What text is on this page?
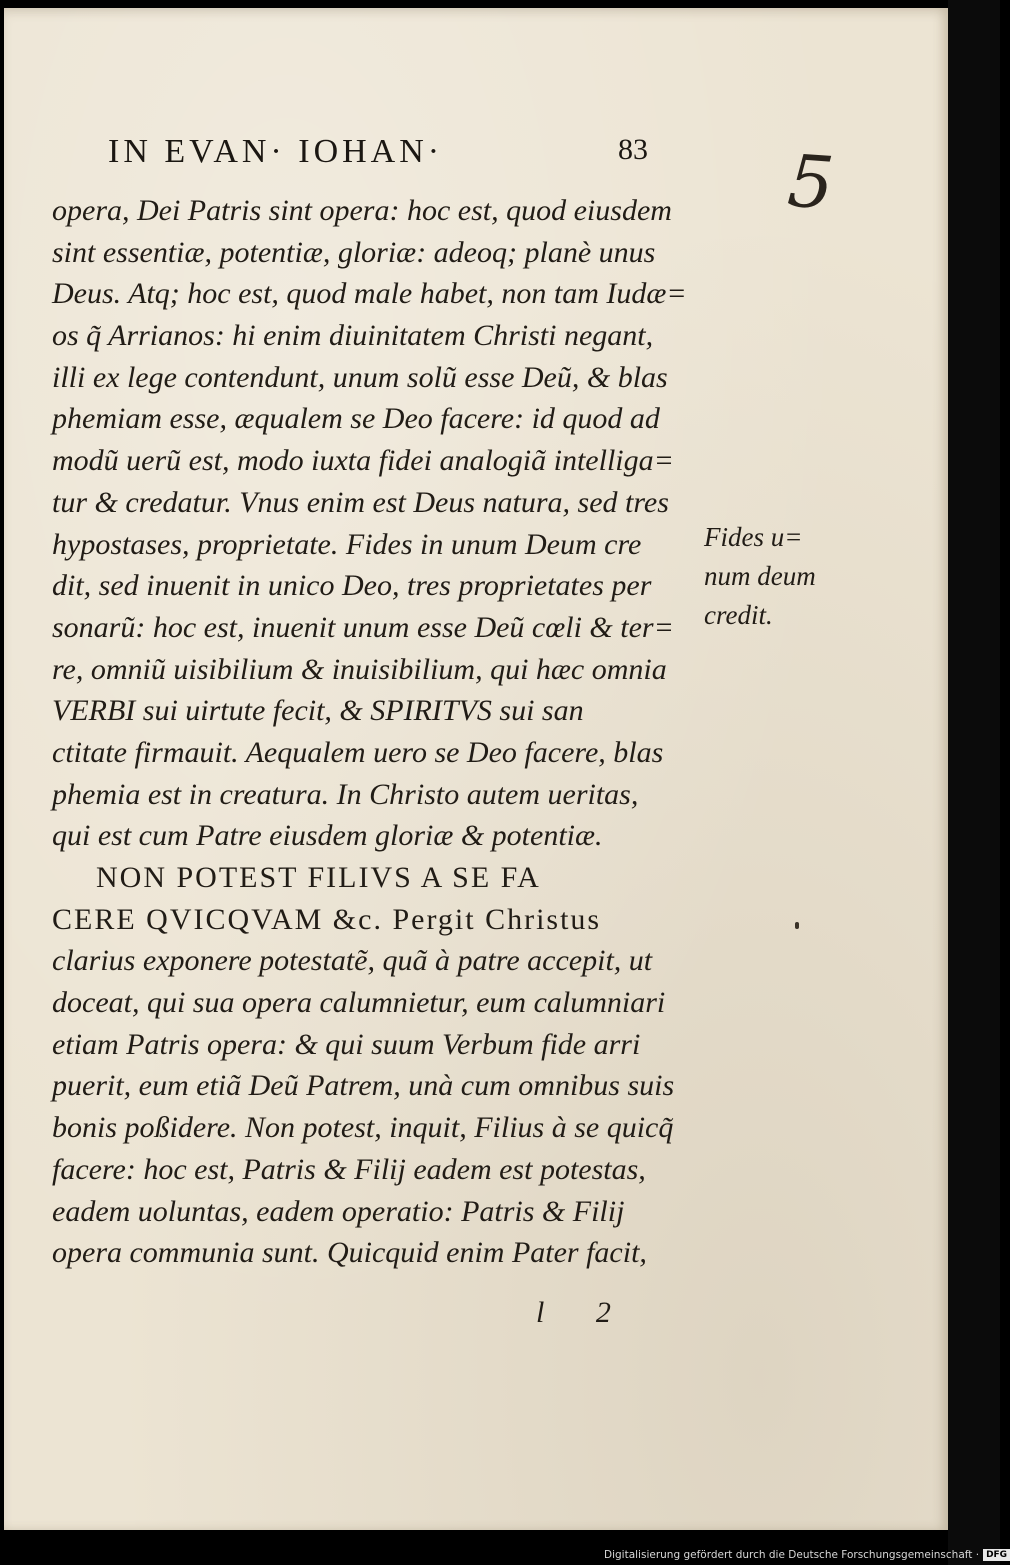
IN EVAN· IOHAN·	83 5
opera, Dei Patris sint opera: hoc est, quod eiusdem
sint essentiæ, potentiæ, gloriæ: adeoq; planè unus
Deus. Atq; hoc est, quod male habet, non tam Iudæ=
os q̃ Arrianos: hi enim diuinitatem Christi negant,
illi ex lege contendunt, unum solũ esse Deũ, & blas
phemiam esse, æqualem se Deo facere: id quod ad
modũ uerũ est, modo iuxta fidei analogiã intelliga=
tur & credatur. Vnus enim est Deus natura, sed tres
hypostases, proprietate. Fides in unum Deum cre
dit, sed inuenit in unico Deo, tres proprietates per
sonarũ: hoc est, inuenit unum esse Deũ cœli & ter=
re, omniũ uisibilium & inuisibilium, qui hæc omnia
VERBI sui uirtute fecit, & SPIRITVS sui san
ctitate firmauit. Aequalem uero se Deo facere, blas
phemia est in creatura. In Christo autem ueritas,
qui est cum Patre eiusdem gloriæ & potentiæ.
NON POTEST FILIVS A SE FA
CERE QVICQVAM &c. Pergit Christus
clarius exponere potestatẽ, quã à patre accepit, ut
doceat, qui sua opera calumnietur, eum calumniari
etiam Patris opera: & qui suum Verbum fide arri
puerit, eum etiã Deũ Patrem, unà cum omnibus suis
bonis poßidere. Non potest, inquit, Filius à se quicq̃
facere: hoc est, Patris & Filij eadem est potestas,
eadem uoluntas, eadem operatio: Patris & Filij
opera communia sunt. Quicquid enim Pater facit,
Fides u=
num deum
credit.
l 2
Digitalisierung gefördert durch die Deutsche Forschungsgemeinschaft · DFG
